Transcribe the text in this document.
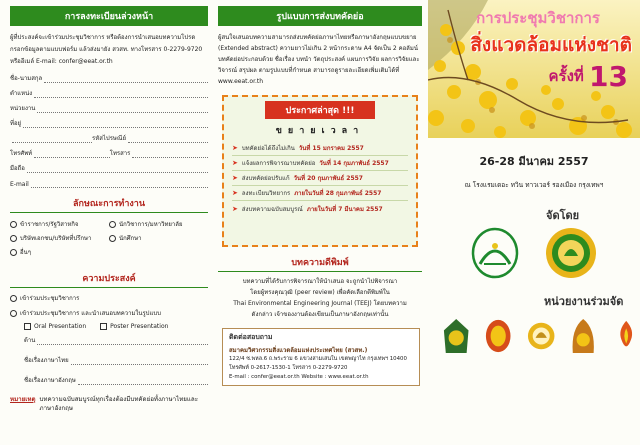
การลงทะเบียนล่วงหน้า
ผู้ที่ประสงค์จะเข้าร่วมประชุมวิชาการ หรือต้องการนำเสนอบทความโปรดกรอกข้อมูลตามแบบฟอร์ม แล้วส่งมายัง สวสท. ทางโทรสาร 0-2279-9720 หรืออีเมล์ E-mail: confer@eeat.or.th
ชื่อ-นามสกุล
ตำแหน่ง
หน่วยงาน
ที่อยู่
รหัสไปรษณีย์
โทรศัพท์	โทรสาร
มือถือ
E-mail
ลักษณะการทำงาน
ข้าราชการ/รัฐวิสาหกิจ	นักวิชาการ/มหาวิทยาลัย
บริษัทเอกชน/บริษัทที่ปรึกษา	นักศึกษา
อื่นๆ
ความประสงค์
เข้าร่วมประชุมวิชาการ
เข้าร่วมประชุมวิชาการ และนำเสนอบทความในรูปแบบ
Oral Presentation	Poster Presentation
ด้าน
ชื่อเรื่องภาษาไทย
ชื่อเรื่องภาษาอังกฤษ
หมายเหตุ บทความฉบับสมบูรณ์ทุกเรื่องต้องมีบทคัดย่อทั้งภาษาไทยและภาษาอังกฤษ
รูปแบบการส่งบทคัดย่อ
ผู้สนใจเสนอบทความสามารถส่งบทคัดย่อภาษาไทยหรือภาษาอังกฤษแบบขยาย (Extended abstract) ความยาวไม่เกิน 2 หน้ากระดาษ A4 จัดเป็น 2 คอลัมน์ บทคัดย่อประกอบด้วย ชื่อเรื่อง บทนำ วัตถุประสงค์ แผนการวิจัย ผลการวิจัยและวิจารณ์ สรุปผล ตามรูปแบบที่กำหนด สามารถดูรายละเอียดเพิ่มเติมได้ที่ www.eeat.or.th
ประกาศล่าสุด !!!
ขยายเวลา
➤ บทคัดย่อได้ถึงไม่เกิน วันที่ 15 มกราคม 2557
➤ แจ้งผลการพิจารณาบทคัดย่อ วันที่ 14 กุมภาพันธ์ 2557
➤ ส่งบทคัดย่อปรับแก้ วันที่ 20 กุมภาพันธ์ 2557
➤ ลงทะเบียนวิทยากร ภายในวันที่ 28 กุมภาพันธ์ 2557
➤ ส่งบทความฉบับสมบูรณ์ ภายในวันที่ 7 มีนาคม 2557
บทความดีพิมพ์
บทความที่ได้รับการพิจารณาให้นำเสนอ จะถูกนำไปพิจารณา
โดยผู้ทรงคุณวุฒิ (peer review) เพื่อคัดเลือกตีพิมพ์ใน
Thai Environmental Engineering Journal (TEEJ) โดยบทความ
ดังกล่าว เจ้าของงานต้องเขียนเป็นภาษาอังกฤษเท่านั้น
ติดต่อสอบถาม
สมาคมวิศวกรรมสิ่งแวดล้อมแห่งประเทศไทย (สวสท.)
122/4 ซ.พหล.6 ถ.พระราม 6 แขวงสามเสนใน เขตพญาไท กรุงเทพฯ 10400
โทรศัพท์ 0-2617-1530-1 โทรสาร 0-2279-9720
E-mail : confer@eeat.or.th Website : www.eeat.or.th
การประชุมวิชาการ
สิ่งแวดล้อมแห่งชาติ
ครั้งที่ 13
26-28 มีนาคม 2557
ณ โรงแรมเดอะ ทวิน ทาวเวอร์ รองเมือง กรุงเทพฯ
จัดโดย
หน่วยงานร่วมจัด
